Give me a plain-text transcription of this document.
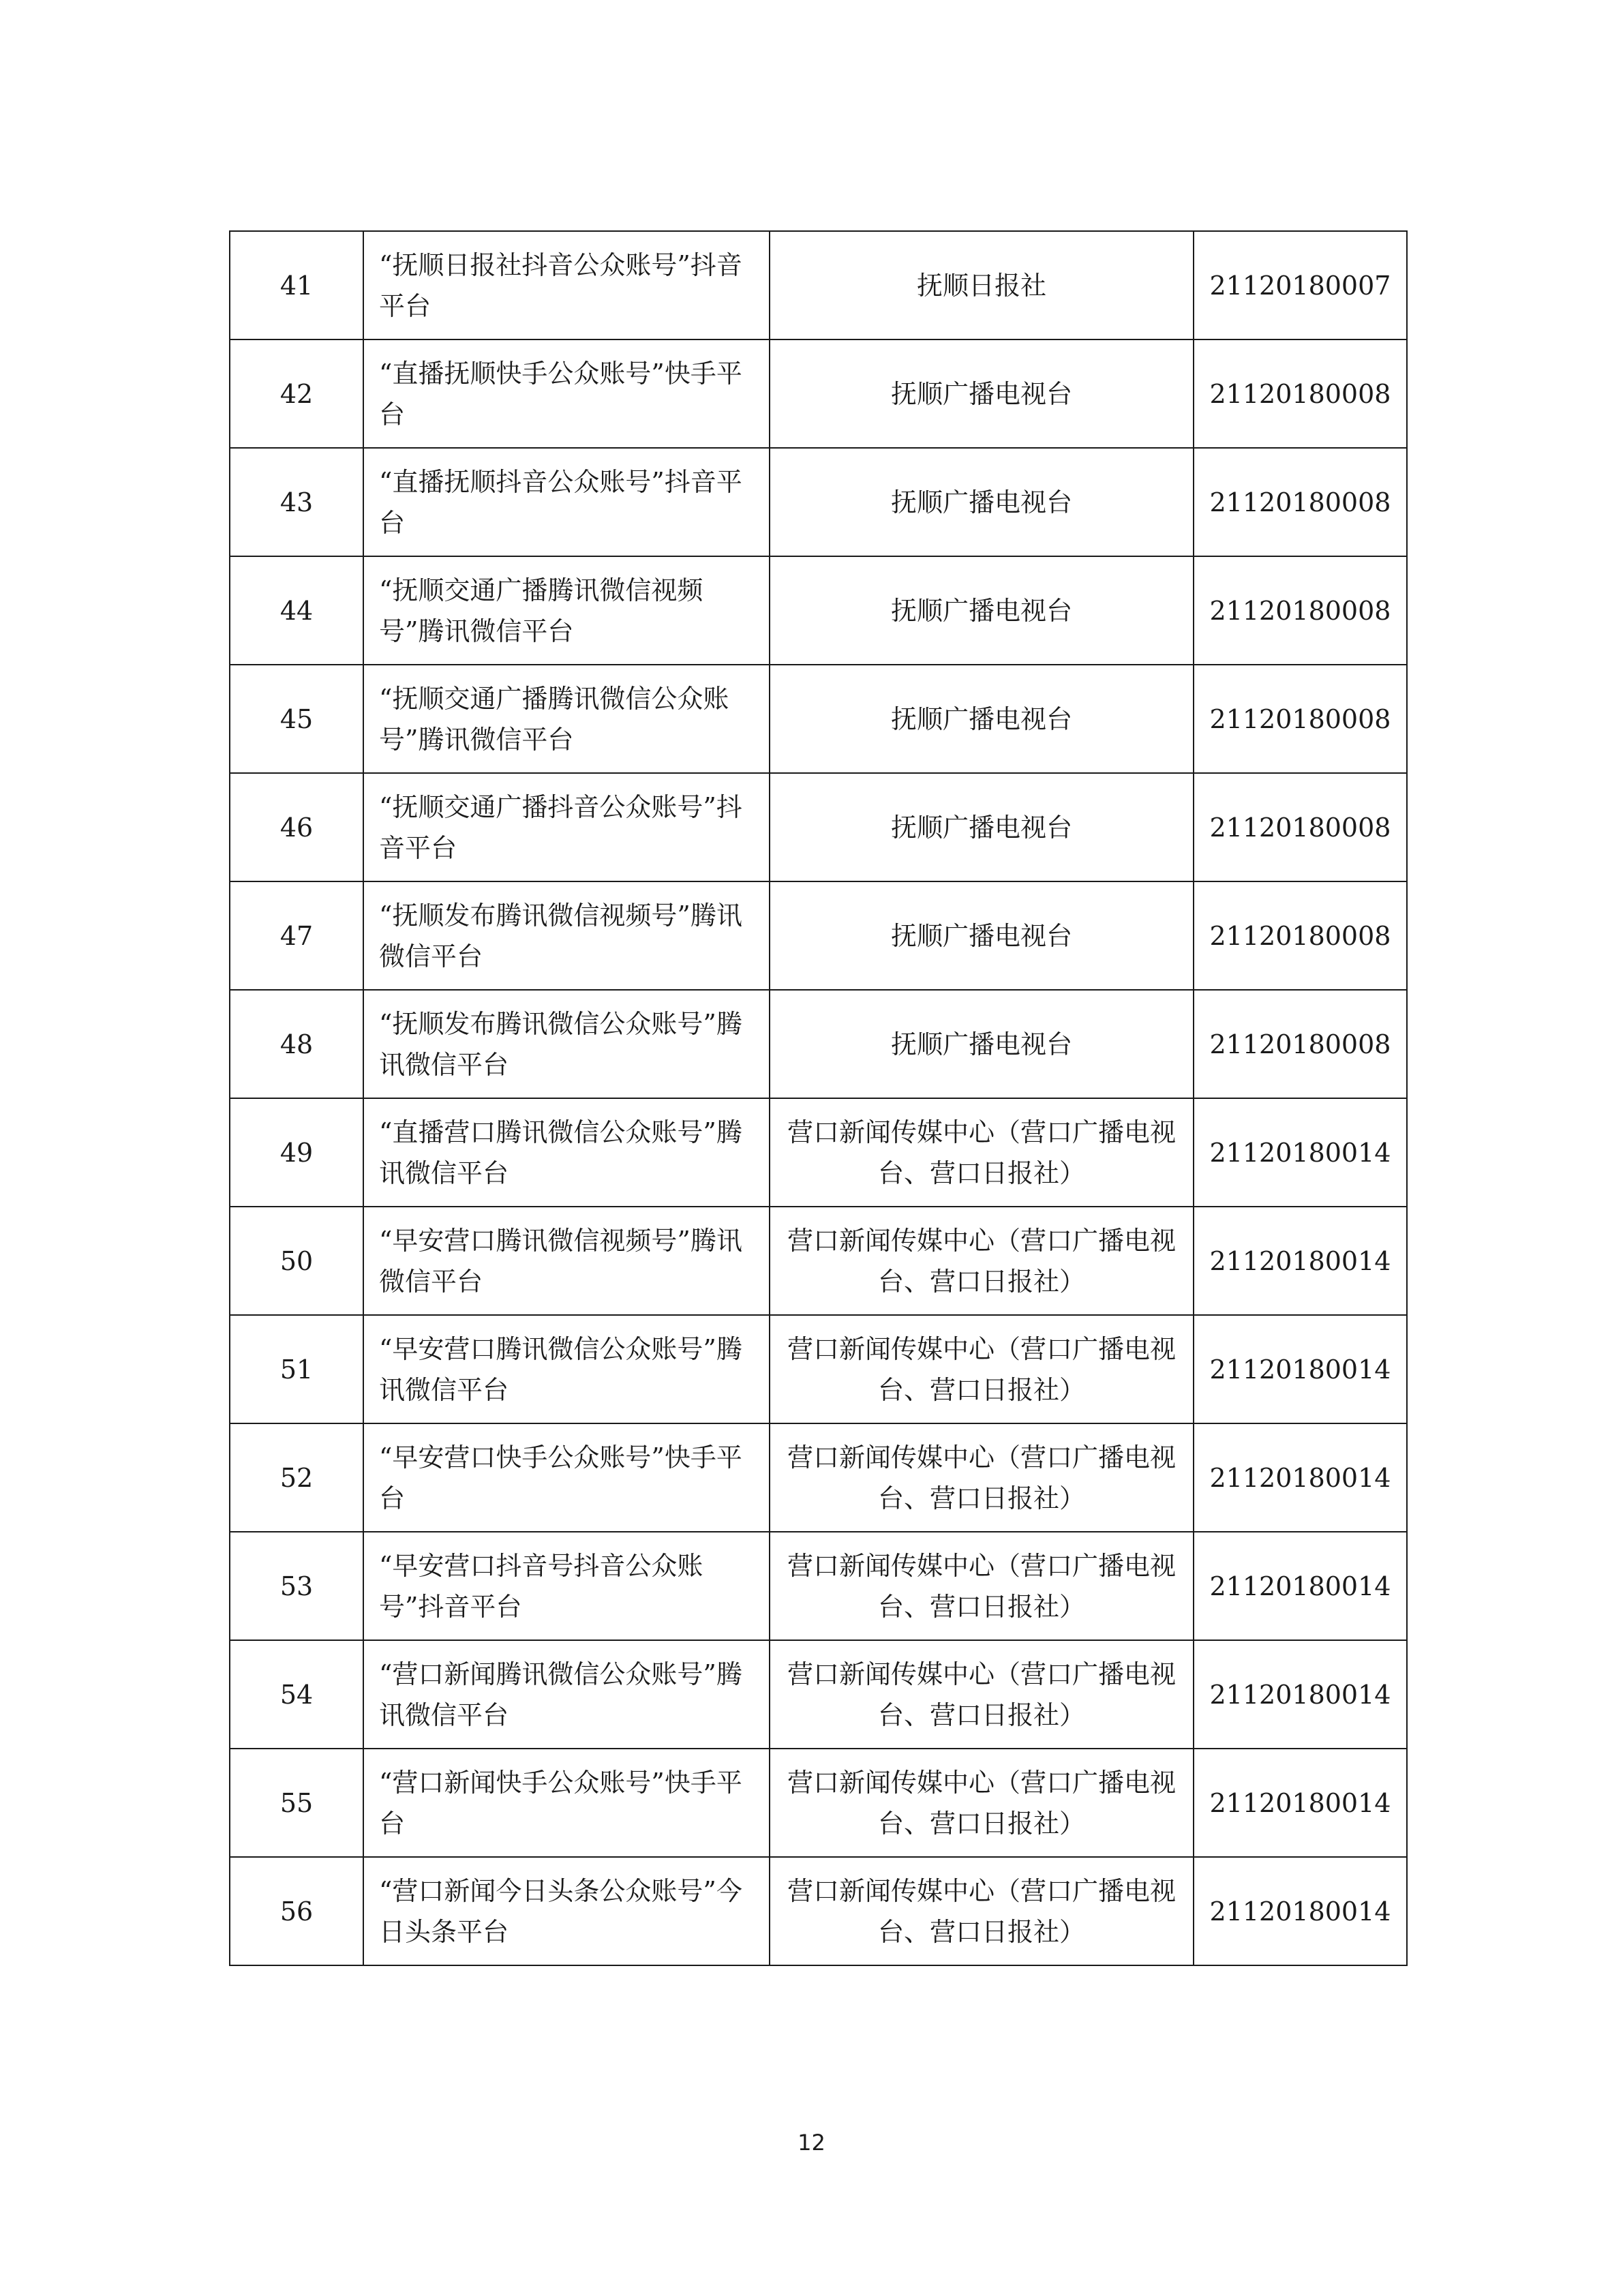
41	“抚顺日报社抖音公众账号”抖音平台	抚顺日报社	21120180007
42	“直播抚顺快手公众账号”快手平台	抚顺广播电视台	21120180008
43	“直播抚顺抖音公众账号”抖音平台	抚顺广播电视台	21120180008
44	“抚顺交通广播腾讯微信视频号”腾讯微信平台	抚顺广播电视台	21120180008
45	“抚顺交通广播腾讯微信公众账号”腾讯微信平台	抚顺广播电视台	21120180008
46	“抚顺交通广播抖音公众账号”抖音平台	抚顺广播电视台	21120180008
47	“抚顺发布腾讯微信视频号”腾讯微信平台	抚顺广播电视台	21120180008
48	“抚顺发布腾讯微信公众账号”腾讯微信平台	抚顺广播电视台	21120180008
49	“直播营口腾讯微信公众账号”腾讯微信平台	营口新闻传媒中心（营口广播电视台、营口日报社）	21120180014
50	“早安营口腾讯微信视频号”腾讯微信平台	营口新闻传媒中心（营口广播电视台、营口日报社）	21120180014
51	“早安营口腾讯微信公众账号”腾讯微信平台	营口新闻传媒中心（营口广播电视台、营口日报社）	21120180014
52	“早安营口快手公众账号”快手平台	营口新闻传媒中心（营口广播电视台、营口日报社）	21120180014
53	“早安营口抖音号抖音公众账号”抖音平台	营口新闻传媒中心（营口广播电视台、营口日报社）	21120180014
54	“营口新闻腾讯微信公众账号”腾讯微信平台	营口新闻传媒中心（营口广播电视台、营口日报社）	21120180014
55	“营口新闻快手公众账号”快手平台	营口新闻传媒中心（营口广播电视台、营口日报社）	21120180014
56	“营口新闻今日头条公众账号”今日头条平台	营口新闻传媒中心（营口广播电视台、营口日报社）	21120180014
12
